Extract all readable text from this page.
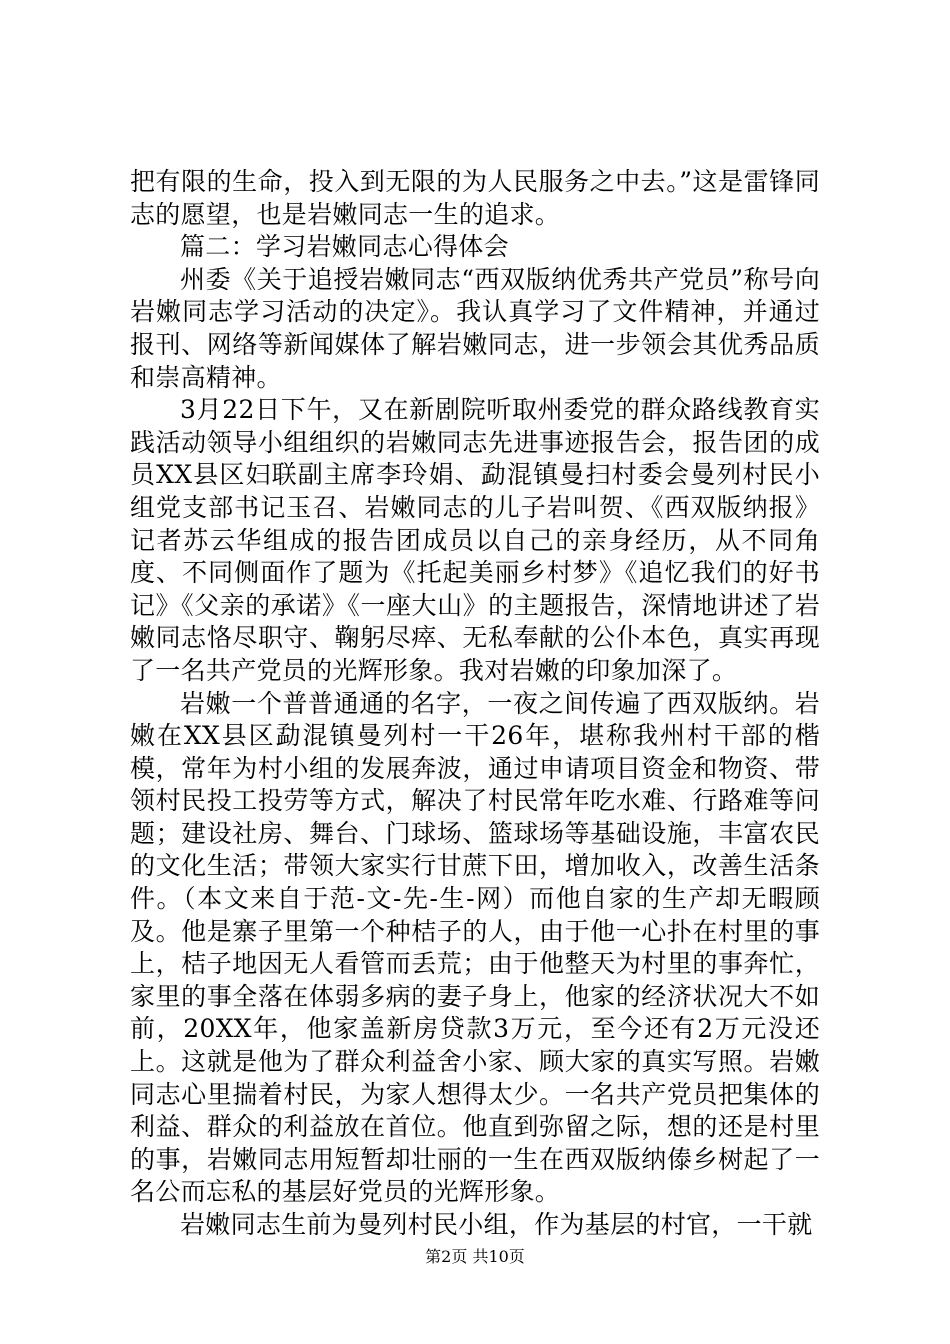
把有限的生命，投入到无限的为人民服务之中去。”这是雷锋同志的愿望，也是岩嫩同志一生的追求。

篇二：学习岩嫩同志心得体会

州委《关于追授岩嫩同志“西双版纳优秀共产党员”称号向岩嫩同志学习活动的决定》。我认真学习了文件精神，并通过报刊、网络等新闻媒体了解岩嫩同志，进一步领会其优秀品质和崇高精神。

3月22日下午，又在新剧院听取州委党的群众路线教育实践活动领导小组组织的岩嫩同志先进事迹报告会，报告团的成员XX县区妇联副主席李玲娟、勐混镇曼扫村委会曼列村民小组党支部书记玉召、岩嫩同志的儿子岩叫贺、《西双版纳报》记者苏云华组成的报告团成员以自己的亲身经历，从不同角度、不同侧面作了题为《托起美丽乡村梦》《追忆我们的好书记》《父亲的承诺》《一座大山》的主题报告，深情地讲述了岩嫩同志恪尽职守、鞠躬尽瘁、无私奉献的公仆本色，真实再现了一名共产党员的光辉形象。我对岩嫩的印象加深了。

岩嫩一个普普通通的名字，一夜之间传遍了西双版纳。岩嫩在XX县区勐混镇曼列村一干26年，堪称我州村干部的楷模，常年为村小组的发展奔波，通过申请项目资金和物资、带领村民投工投劳等方式，解决了村民常年吃水难、行路难等问题；建设社房、舞台、门球场、篮球场等基础设施，丰富农民的文化生活；带领大家实行甘蔗下田，增加收入，改善生活条件。（本文来自于范-文-先-生-网）而他自家的生产却无暇顾及。他是寨子里第一个种桔子的人，由于他一心扑在村里的事上，桔子地因无人看管而丢荒；由于他整天为村里的事奔忙，家里的事全落在体弱多病的妻子身上，他家的经济状况大不如前，20XX年，他家盖新房贷款3万元，至今还有2万元没还上。这就是他为了群众利益舍小家、顾大家的真实写照。岩嫩同志心里揣着村民，为家人想得太少。一名共产党员把集体的利益、群众的利益放在首位。他直到弥留之际，想的还是村里的事，岩嫩同志用短暂却壮丽的一生在西双版纳傣乡树起了一名公而忘私的基层好党员的光辉形象。

岩嫩同志生前为曼列村民小组，作为基层的村官，一干就

第2页 共10页
